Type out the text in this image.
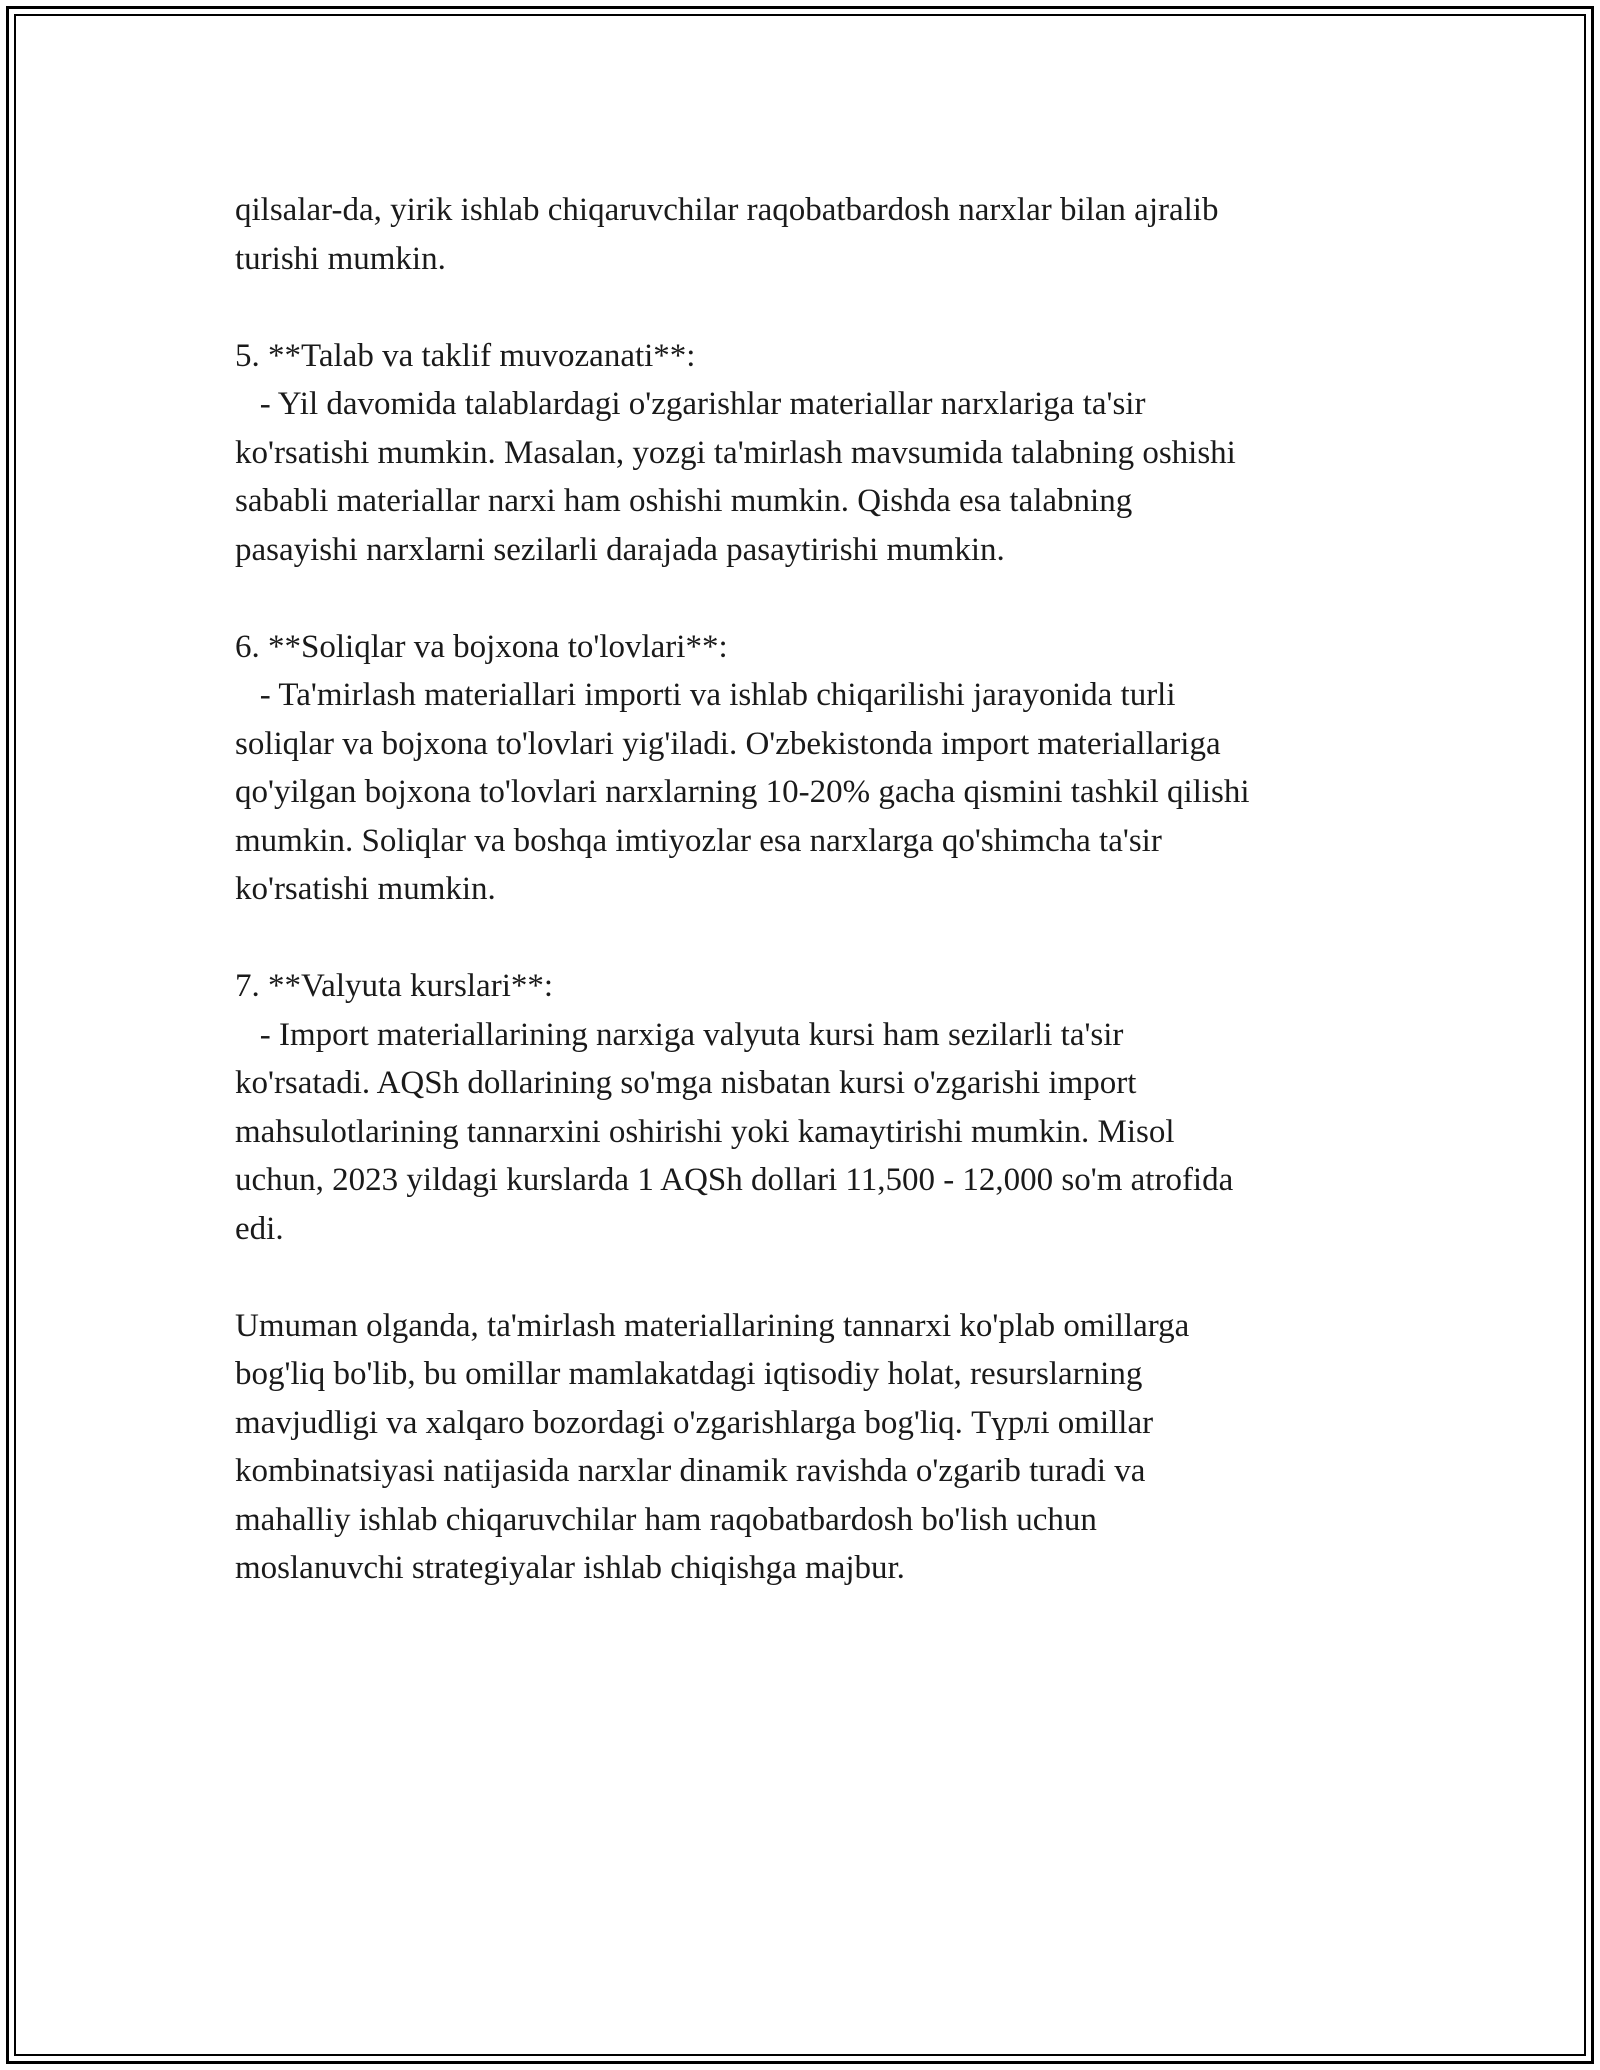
qilsalar-da, yirik ishlab chiqaruvchilar raqobatbardosh narxlar bilan ajralib

turishi mumkin.

5. **Talab va taklif muvozanati**:

- Yil davomida talablardagi o'zgarishlar materiallar narxlariga ta'sir

ko'rsatishi mumkin. Masalan, yozgi ta'mirlash mavsumida talabning oshishi

sababli materiallar narxi ham oshishi mumkin. Qishda esa talabning

pasayishi narxlarni sezilarli darajada pasaytirishi mumkin.

6. **Soliqlar va bojxona to'lovlari**:

- Ta'mirlash materiallari importi va ishlab chiqarilishi jarayonida turli

soliqlar va bojxona to'lovlari yig'iladi. O'zbekistonda import materiallariga

qo'yilgan bojxona to'lovlari narxlarning 10-20% gacha qismini tashkil qilishi

mumkin. Soliqlar va boshqa imtiyozlar esa narxlarga qo'shimcha ta'sir

ko'rsatishi mumkin.

7. **Valyuta kurslari**:

- Import materiallarining narxiga valyuta kursi ham sezilarli ta'sir

ko'rsatadi. AQSh dollarining so'mga nisbatan kursi o'zgarishi import

mahsulotlarining tannarxini oshirishi yoki kamaytirishi mumkin. Misol

uchun, 2023 yildagi kurslarda 1 AQSh dollari 11,500 - 12,000 so'm atrofida

edi.

Umuman olganda, ta'mirlash materiallarining tannarxi ko'plab omillarga

bog'liq bo'lib, bu omillar mamlakatdagi iqtisodiy holat, resurslarning

mavjudligi va xalqaro bozordagi o'zgarishlarga bog'liq. Түрлі omillar

kombinatsiyasi natijasida narxlar dinamik ravishda o'zgarib turadi va

mahalliy ishlab chiqaruvchilar ham raqobatbardosh bo'lish uchun

moslanuvchi strategiyalar ishlab chiqishga majbur.
